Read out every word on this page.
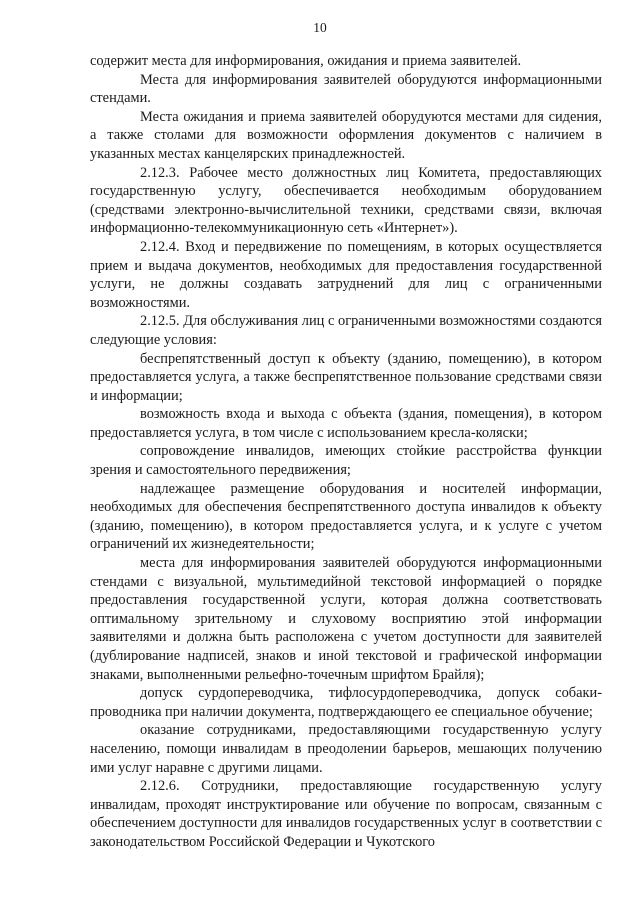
10

содержит места для информирования, ожидания и приема заявителей.

Места для информирования заявителей оборудуются информационными стендами.

Места ожидания и приема заявителей оборудуются местами для сидения, а также столами для возможности оформления документов с наличием в указанных местах канцелярских принадлежностей.

2.12.3. Рабочее место должностных лиц Комитета, предоставляющих государственную услугу, обеспечивается необходимым оборудованием (средствами электронно-вычислительной техники, средствами связи, включая информационно-телекоммуникационную сеть «Интернет»).

2.12.4. Вход и передвижение по помещениям, в которых осуществляется прием и выдача документов, необходимых для предоставления государственной услуги, не должны создавать затруднений для лиц с ограниченными возможностями.

2.12.5. Для обслуживания лиц с ограниченными возможностями создаются следующие условия:

беспрепятственный доступ к объекту (зданию, помещению), в котором предоставляется услуга, а также беспрепятственное пользование средствами связи и информации;

возможность входа и выхода с объекта (здания, помещения), в котором предоставляется услуга, в том числе с использованием кресла-коляски;

сопровождение инвалидов, имеющих стойкие расстройства функции зрения и самостоятельного передвижения;

надлежащее размещение оборудования и носителей информации, необходимых для обеспечения беспрепятственного доступа инвалидов к объекту (зданию, помещению), в котором предоставляется услуга, и к услуге с учетом ограничений их жизнедеятельности;

места для информирования заявителей оборудуются информационными стендами с визуальной, мультимедийной текстовой информацией о порядке предоставления государственной услуги, которая должна соответствовать оптимальному зрительному и слуховому восприятию этой информации заявителями и должна быть расположена с учетом доступности для заявителей (дублирование надписей, знаков и иной текстовой и графической информации знаками, выполненными рельефно-точечным шрифтом Брайля);

допуск сурдопереводчика, тифлосурдопереводчика, допуск собаки-проводника при наличии документа, подтверждающего ее специальное обучение;

оказание сотрудниками, предоставляющими государственную услугу населению, помощи инвалидам в преодолении барьеров, мешающих получению ими услуг наравне с другими лицами.

2.12.6. Сотрудники, предоставляющие государственную услугу инвалидам, проходят инструктирование или обучение по вопросам, связанным с обеспечением доступности для инвалидов государственных услуг в соответствии с законодательством Российской Федерации и Чукотского
